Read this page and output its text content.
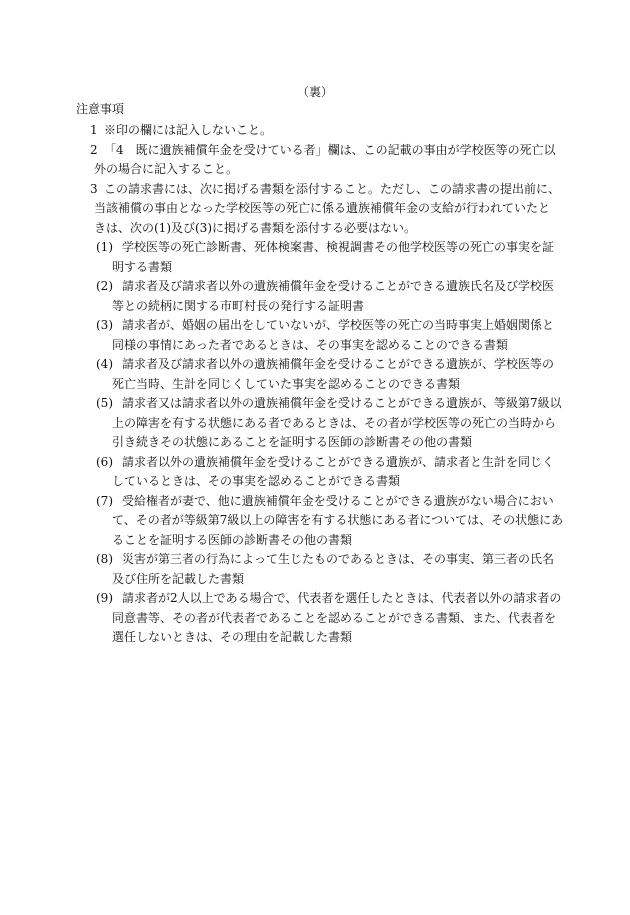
（裏）
注意事項
1 ※印の欄には記入しないこと。
2 「4　既に遺族補償年金を受けている者」欄は、この記載の事由が学校医等の死亡以
外の場合に記入すること。
3 この請求書には、次に掲げる書類を添付すること。ただし、この請求書の提出前に、
当該補償の事由となった学校医等の死亡に係る遺族補償年金の支給が行われていたと
きは、次の(1)及び(3)に掲げる書類を添付する必要はない。
(1) 学校医等の死亡診断書、死体検案書、検視調書その他学校医等の死亡の事実を証
明する書類
(2) 請求者及び請求者以外の遺族補償年金を受けることができる遺族氏名及び学校医
等との続柄に関する市町村長の発行する証明書
(3) 請求者が、婚姻の届出をしていないが、学校医等の死亡の当時事実上婚姻関係と
同様の事情にあった者であるときは、その事実を認めることのできる書類
(4) 請求者及び請求者以外の遺族補償年金を受けることができる遺族が、学校医等の
死亡当時、生計を同じくしていた事実を認めることのできる書類
(5) 請求者又は請求者以外の遺族補償年金を受けることができる遺族が、等級第7級以
上の障害を有する状態にある者であるときは、その者が学校医等の死亡の当時から
引き続きその状態にあることを証明する医師の診断書その他の書類
(6) 請求者以外の遺族補償年金を受けることができる遺族が、請求者と生計を同じく
しているときは、その事実を認めることができる書類
(7) 受給権者が妻で、他に遺族補償年金を受けることができる遺族がない場合におい
て、その者が等級第7級以上の障害を有する状態にある者については、その状態にあ
ることを証明する医師の診断書その他の書類
(8) 災害が第三者の行為によって生じたものであるときは、その事実、第三者の氏名
及び住所を記載した書類
(9) 請求者が2人以上である場合で、代表者を選任したときは、代表者以外の請求者の
同意書等、その者が代表者であることを認めることができる書類、また、代表者を
選任しないときは、その理由を記載した書類
